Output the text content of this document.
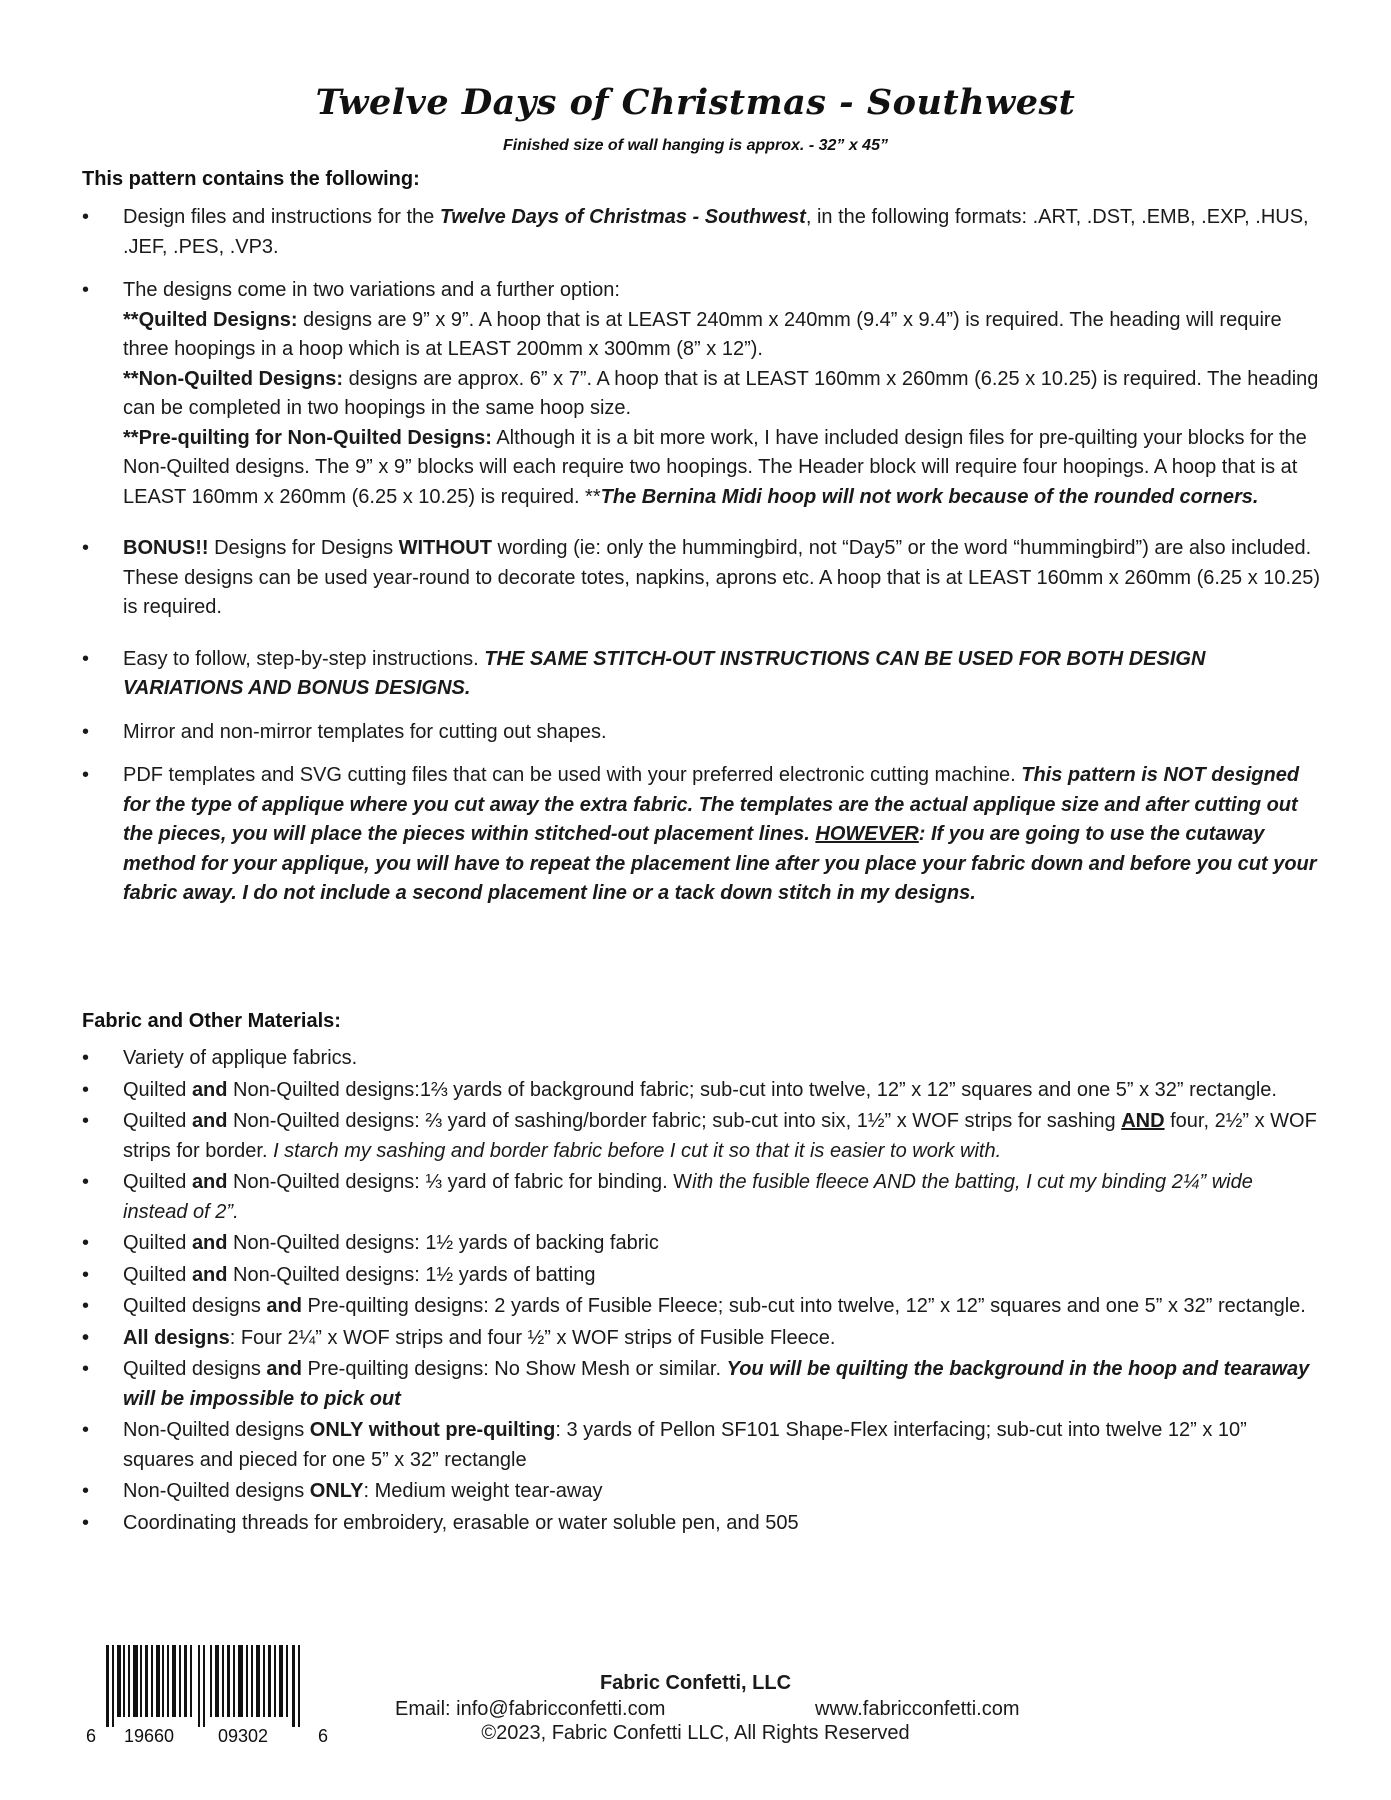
Twelve Days of Christmas - Southwest
Finished size of wall hanging is approx. - 32” x 45”
This pattern contains the following:
• Design files and instructions for the Twelve Days of Christmas - Southwest, in the following formats: .ART, .DST, .EMB, .EXP, .HUS, .JEF, .PES, .VP3.
• The designs come in two variations and a further option:
**Quilted Designs: designs are 9” x 9”. A hoop that is at LEAST 240mm x 240mm (9.4” x 9.4”) is required. The heading will require three hoopings in a hoop which is at LEAST 200mm x 300mm (8” x 12”).
**Non-Quilted Designs: designs are approx. 6” x 7”. A hoop that is at LEAST 160mm x 260mm (6.25 x 10.25) is required. The heading can be completed in two hoopings in the same hoop size.
**Pre-quilting for Non-Quilted Designs: Although it is a bit more work, I have included design files for pre-quilting your blocks for the Non-Quilted designs. The 9” x 9” blocks will each require two hoopings. The Header block will require four hoopings. A hoop that is at LEAST 160mm x 260mm (6.25 x 10.25) is required. **The Bernina Midi hoop will not work because of the rounded corners.
• BONUS!! Designs for Designs WITHOUT wording (ie: only the hummingbird, not “Day5” or the word “hummingbird”) are also included. These designs can be used year-round to decorate totes, napkins, aprons etc. A hoop that is at LEAST 160mm x 260mm (6.25 x 10.25) is required.
• Easy to follow, step-by-step instructions. THE SAME STITCH-OUT INSTRUCTIONS CAN BE USED FOR BOTH DESIGN VARIATIONS AND BONUS DESIGNS.
• Mirror and non-mirror templates for cutting out shapes.
• PDF templates and SVG cutting files that can be used with your preferred electronic cutting machine. This pattern is NOT designed for the type of applique where you cut away the extra fabric. The templates are the actual applique size and after cutting out the pieces, you will place the pieces within stitched-out placement lines. HOWEVER: If you are going to use the cutaway method for your applique, you will have to repeat the placement line after you place your fabric down and before you cut your fabric away. I do not include a second placement line or a tack down stitch in my designs.
Fabric and Other Materials:
• Variety of applique fabrics.
• Quilted and Non-Quilted designs:1⅔ yards of background fabric; sub-cut into twelve, 12” x 12” squares and one 5” x 32” rectangle.
• Quilted and Non-Quilted designs: ⅔ yard of sashing/border fabric; sub-cut into six, 1½” x WOF strips for sashing AND four, 2½” x WOF strips for border. I starch my sashing and border fabric before I cut it so that it is easier to work with.
• Quilted and Non-Quilted designs: ⅓ yard of fabric for binding. With the fusible fleece AND the batting, I cut my binding 2¼” wide instead of 2”.
• Quilted and Non-Quilted designs: 1½ yards of backing fabric
• Quilted and Non-Quilted designs: 1½ yards of batting
• Quilted designs and Pre-quilting designs: 2 yards of Fusible Fleece; sub-cut into twelve, 12” x 12” squares and one 5” x 32” rectangle.
• All designs: Four 2¼” x WOF strips and four ½” x WOF strips of Fusible Fleece.
• Quilted designs and Pre-quilting designs: No Show Mesh or similar. You will be quilting the background in the hoop and tearaway will be impossible to pick out
• Non-Quilted designs ONLY without pre-quilting: 3 yards of Pellon SF101 Shape-Flex interfacing; sub-cut into twelve 12” x 10” squares and pieced for one 5” x 32” rectangle
• Non-Quilted designs ONLY: Medium weight tear-away
• Coordinating threads for embroidery, erasable or water soluble pen, and 505
6 19660 09302	6
Fabric Confetti, LLC
Email: info@fabricconfetti.com	www.fabricconfetti.com
©2023, Fabric Confetti LLC, All Rights Reserved
